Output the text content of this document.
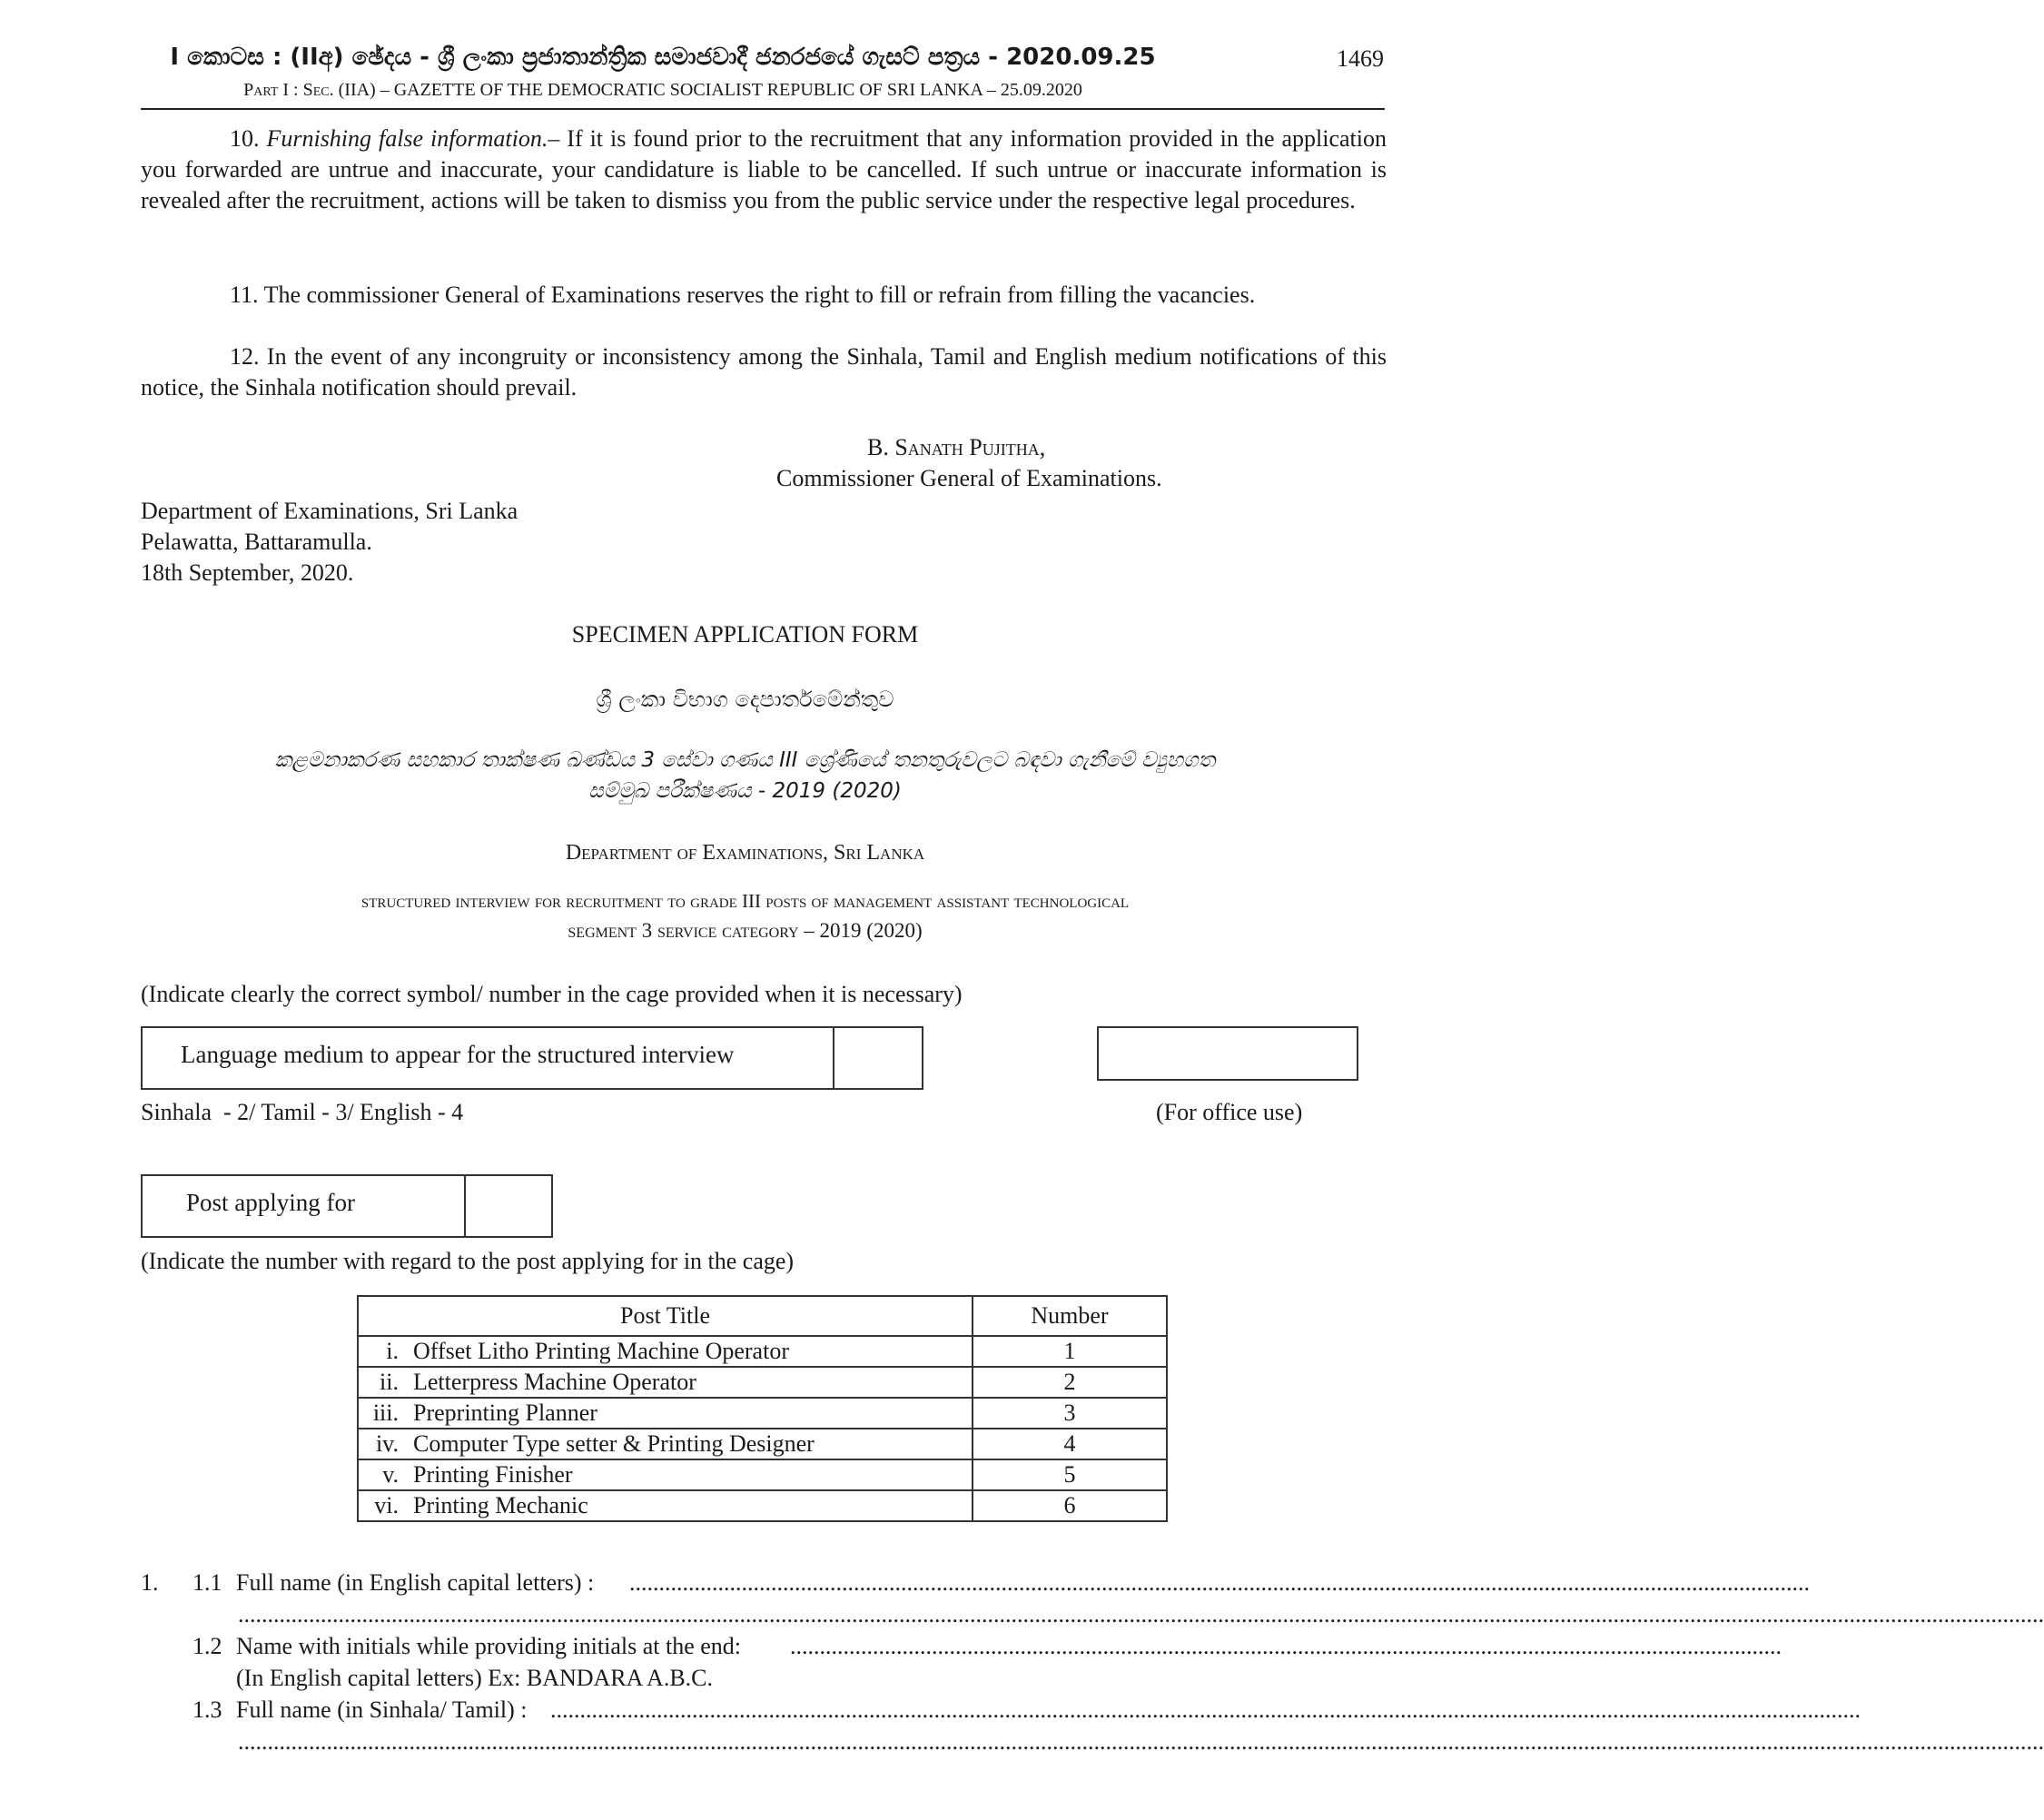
I කොටස : (IIඅ) ඡේදය - ශ්‍රී ලංකා ප්‍රජාතාන්ත්‍රික සමාජවාදී ජනරජයේ ගැසට් පත්‍රය - 2020.09.25	1469
Part I : Sec. (IIA) – GAZETTE OF THE DEMOCRATIC SOCIALIST REPUBLIC OF SRI LANKA – 25.09.2020
10. Furnishing false information.– If it is found prior to the recruitment that any information provided in the application you forwarded are untrue and inaccurate, your candidature is liable to be cancelled. If such untrue or inaccurate information is revealed after the recruitment, actions will be taken to dismiss you from the public service under the respective legal procedures.
11. The commissioner General of Examinations reserves the right to fill or refrain from filling the vacancies.
12. In the event of any incongruity or inconsistency among the Sinhala, Tamil and English medium notifications of this notice, the Sinhala notification should prevail.
B. Sanath Pujitha,
Commissioner General of Examinations.
Department of Examinations, Sri Lanka
Pelawatta, Battaramulla.
18th September, 2020.
SPECIMEN APPLICATION FORM
ශ්‍රී ලංකා විභාග දෙපාර්තමේන්තුව
කළමනාකරණ සහකාර තාක්ෂණ ඛණ්ඩය 3 සේවා ගණය III ශ්‍රේණියේ තනතුරුවලට බඳවා ගැනීමේ ව්‍යුහගත
සම්මුඛ පරීක්ෂණය - 2019 (2020)
Department of Examinations, Sri Lanka
structured interview for recruitment to grade III posts of management assistant technological
segment 3 service category – 2019 (2020)
(Indicate clearly the correct symbol/ number in the cage provided when it is necessary)
Language medium to appear for the structured interview
Sinhala  - 2/ Tamil - 3/ English - 4	(For office use)
Post applying for
(Indicate the number with regard to the post applying for in the cage)
Post Title		Number
i.	Offset Litho Printing Machine Operator	1
ii.	Letterpress Machine Operator	2
iii.	Preprinting Planner	3
iv.	Computer Type setter & Printing Designer	4
v.	Printing Finisher	5
vi.	Printing Mechanic	6
1. 1.1 Full name (in English capital letters) : ........................................................................................................................................................................................................
..................................................................................................................................................................................................................................................................................................................
1.2 Name with initials while providing initials at the end: ........................................................................................................................................................................
(In English capital letters) Ex: BANDARA A.B.C.
1.3 Full name (in Sinhala/ Tamil) : ..............................................................................................................................................................................................................................
..................................................................................................................................................................................................................................................................................................................
